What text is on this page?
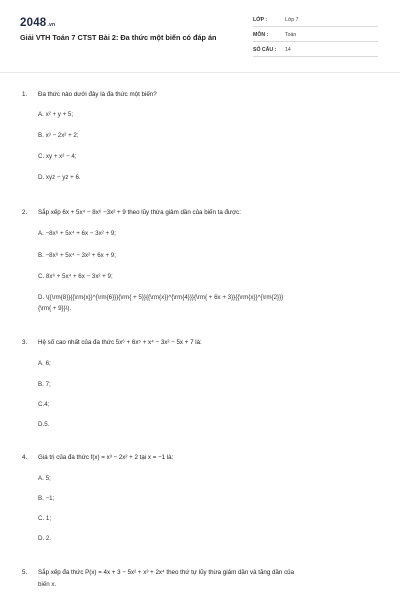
2048.vn
Giải VTH Toán 7 CTST Bài 2: Đa thức một biến có đáp án
LỚP :	Lớp 7
MÔN :	Toán
SỐ CÂU : 14
1. Đa thức nào dưới đây là đa thức một biến?
A. x² + y + 5;
B. x³ − 2x² + 2;
C. xy + x² − 4;
D. xyz − yz + 6.
2. Sắp xếp 6x + 5x⁴ − 8x⁶ −3x² + 9 theo lũy thừa giảm dần của biến ta được:
A. −8x⁶ + 5x⁴ + 6x − 3x² + 9;
B. −8x⁶ + 5x⁴ − 3x² + 6x + 9;
C. 8x⁶ + 5x⁴ + 6x − 3x² + 9;
D. \({\rm{8}}{{\rm{x}}^{\rm{6}}}{\rm{ + 5}}{{\rm{x}}^{\rm{4}}}{\rm{ + 6x + 3}}{{\rm{x}}^{\rm{2}}}
{\rm{ + 9}}\).
3. Hệ số cao nhất của đa thức 5x⁶ + 6x⁵ + x⁴ − 3x² − 5x + 7 là:
A. 6;
B. 7;
C.4;
D.5.
4. Giá trị của đa thức f(x) = x³ − 2x² + 2 tại x = −1 là:
A. 5;
B. −1;
C. 1;
D. 2.
5. Sắp xếp đa thức P(x) = 4x + 3 − 5x² + x³ + 2x⁴ theo thứ tự lũy thừa giảm dần và tăng dần của
biến x.
